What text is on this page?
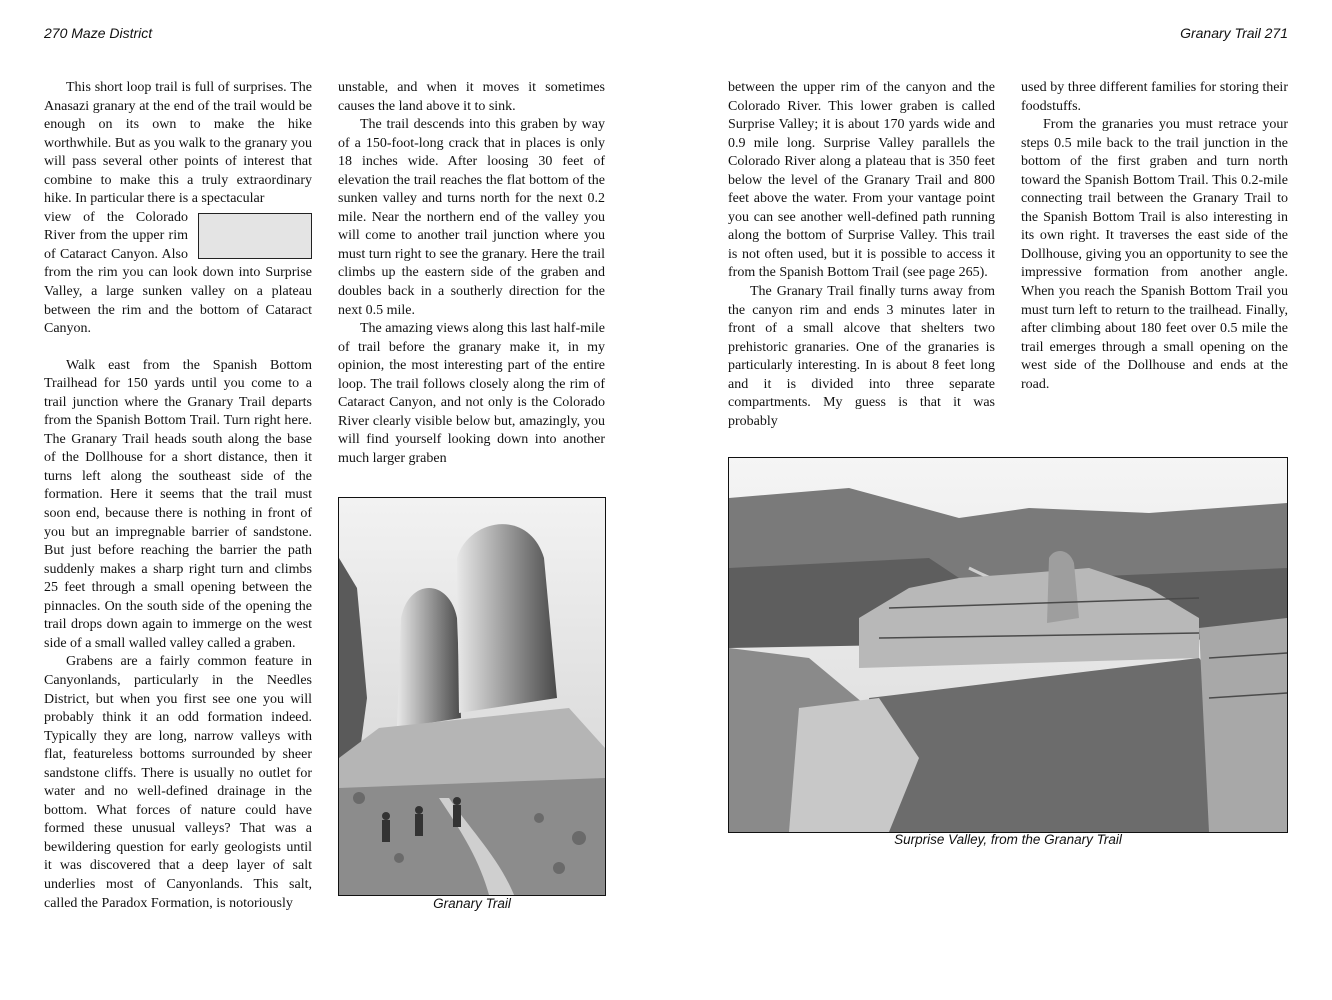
270 Maze District	Granary Trail 271

This short loop trail is full of surprises. The Anasazi granary at the end of the trail would be enough on its own to make the hike worthwhile. But as you walk to the granary you will pass several other points of interest that combine to make this a truly extraordinary hike. In particular there is a spectacular

view of the Colorado River from the upper rim of Cataract Canyon. Also from the rim you can look down into Surprise Valley, a large sunken valley on a plateau between the rim and the bottom of Cataract Canyon.

Walk east from the Spanish Bottom Trailhead for 150 yards until you come to a trail junction where the Granary Trail departs from the Spanish Bottom Trail. Turn right here. The Granary Trail heads south along the base of the Dollhouse for a short distance, then it turns left along the southeast side of the formation. Here it seems that the trail must soon end, because there is nothing in front of you but an impregnable barrier of sandstone. But just before reaching the barrier the path suddenly makes a sharp right turn and climbs 25 feet through a small opening between the pinnacles. On the south side of the opening the trail drops down again to immerge on the west side of a small walled valley called a graben.

Grabens are a fairly common feature in Canyonlands, particularly in the Needles District, but when you first see one you will probably think it an odd formation indeed. Typically they are long, narrow valleys with flat, featureless bottoms surrounded by sheer sandstone cliffs. There is usually no outlet for water and no well-defined drainage in the bottom. What forces of nature could have formed these unusual valleys? That was a bewildering question for early geologists until it was discovered that a deep layer of salt underlies most of Canyonlands. This salt, called the Paradox Formation, is notoriously

unstable, and when it moves it sometimes causes the land above it to sink.

The trail descends into this graben by way of a 150-foot-long crack that in places is only 18 inches wide. After loosing 30 feet of elevation the trail reaches the flat bottom of the sunken valley and turns north for the next 0.2 mile. Near the northern end of the valley you will come to another trail junction where you must turn right to see the granary. Here the trail climbs up the eastern side of the graben and doubles back in a southerly direction for the next 0.5 mile.

The amazing views along this last half-mile of trail before the granary make it, in my opinion, the most interesting part of the entire loop. The trail follows closely along the rim of Cataract Canyon, and not only is the Colorado River clearly visible below but, amazingly, you will find yourself looking down into another much larger graben

between the upper rim of the canyon and the Colorado River. This lower graben is called Surprise Valley; it is about 170 yards wide and 0.9 mile long. Surprise Valley parallels the Colorado River along a plateau that is 350 feet below the level of the Granary Trail and 800 feet above the water. From your vantage point you can see another well-defined path running along the bottom of Surprise Valley. This trail is not often used, but it is possible to access it from the Spanish Bottom Trail (see page 265).

The Granary Trail finally turns away from the canyon rim and ends 3 minutes later in front of a small alcove that shelters two prehistoric granaries. One of the granaries is particularly interesting. In is about 8 feet long and it is divided into three separate compartments. My guess is that it was probably

used by three different families for storing their foodstuffs.

From the granaries you must retrace your steps 0.5 mile back to the trail junction in the bottom of the first graben and turn north toward the Spanish Bottom Trail. This 0.2-mile connecting trail between the Granary Trail to the Spanish Bottom Trail is also interesting in its own right. It traverses the east side of the Dollhouse, giving you an opportunity to see the impressive formation from another angle. When you reach the Spanish Bottom Trail you must turn left to return to the trailhead. Finally, after climbing about 180 feet over 0.5 mile the trail emerges through a small opening on the west side of the Dollhouse and ends at the road.

Granary Trail
Surprise Valley, from the Granary Trail
